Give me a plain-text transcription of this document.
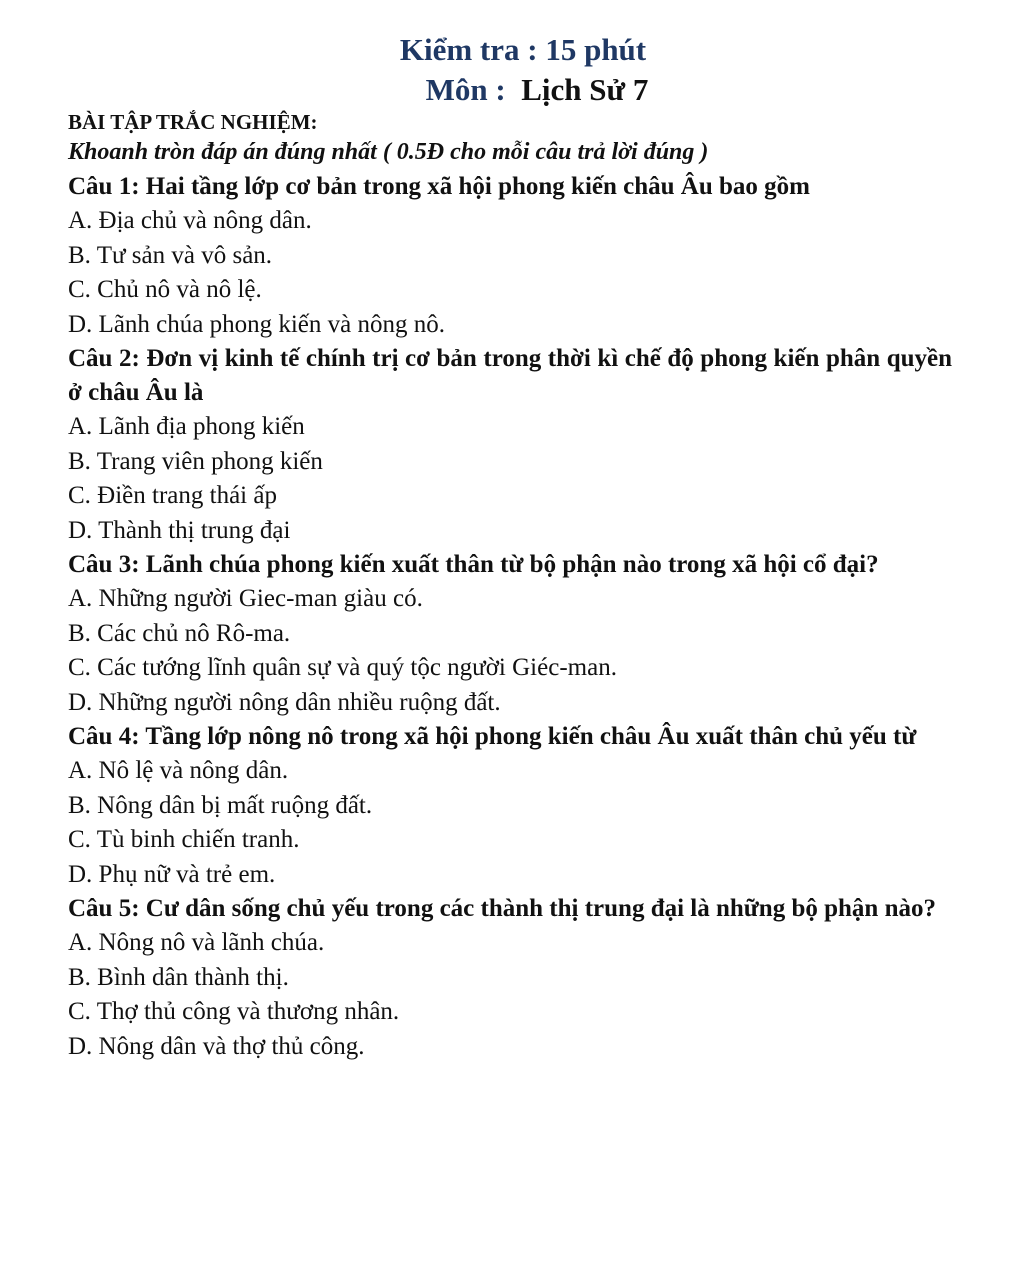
Kiểm tra : 15 phút
Môn :  Lịch Sử 7
BÀI TẬP TRẮC NGHIỆM:
Khoanh tròn đáp án đúng nhất ( 0.5Đ cho mỗi câu trả lời đúng )

Câu 1: Hai tầng lớp cơ bản trong xã hội phong kiến châu Âu bao gồm

A. Địa chủ và nông dân.
B. Tư sản và vô sản.
C. Chủ nô và nô lệ.
D. Lãnh chúa phong kiến và nông nô.

Câu 2: Đơn vị kinh tế chính trị cơ bản trong thời kì chế độ phong kiến phân quyền ở châu Âu là

A. Lãnh địa phong kiến
B. Trang viên phong kiến
C. Điền trang thái ấp
D. Thành thị trung đại

Câu 3: Lãnh chúa phong kiến xuất thân từ bộ phận nào trong xã hội cổ đại?

A. Những người Giec-man giàu có.
B. Các chủ nô Rô-ma.
C. Các tướng lĩnh quân sự và quý tộc người Giéc-man.
D. Những người nông dân nhiều ruộng đất.

Câu 4: Tầng lớp nông nô trong xã hội phong kiến châu Âu xuất thân chủ yếu từ

A. Nô lệ và nông dân.
B. Nông dân bị mất ruộng đất.
C. Tù binh chiến tranh.
D. Phụ nữ và trẻ em.

Câu 5: Cư dân sống chủ yếu trong các thành thị trung đại là những bộ phận nào?

A. Nông nô và lãnh chúa.
B. Bình dân thành thị.
C. Thợ thủ công và thương nhân.
D. Nông dân và thợ thủ công.
